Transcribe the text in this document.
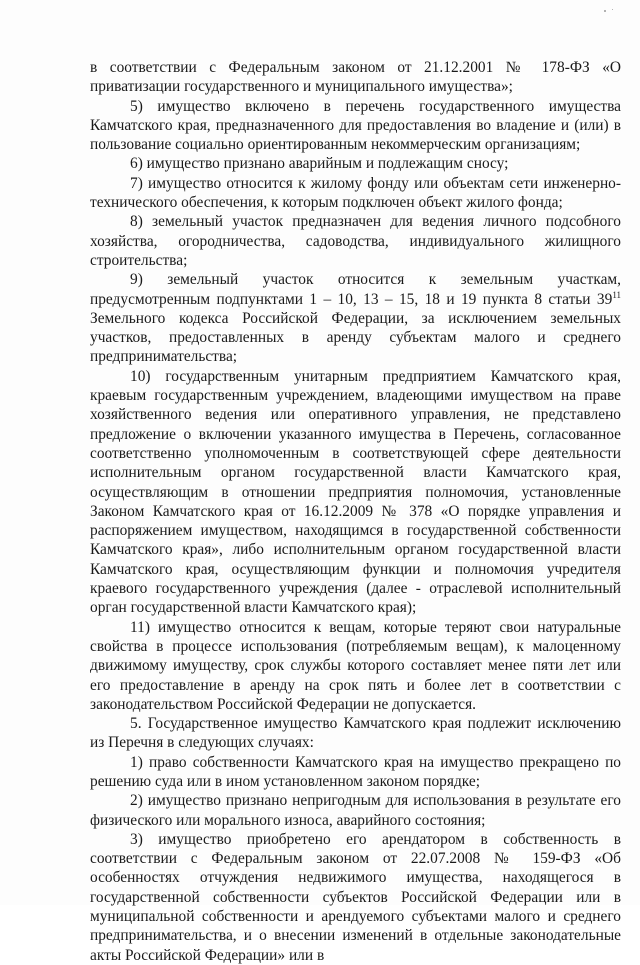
в соответствии с Федеральным законом от 21.12.2001 № 178-ФЗ «О приватизации государственного и муниципального имущества»;

5) имущество включено в перечень государственного имущества Камчатского края, предназначенного для предоставления во владение и (или) в пользование социально ориентированным некоммерческим организациям;

6) имущество признано аварийным и подлежащим сносу;

7) имущество относится к жилому фонду или объектам сети инженерно-технического обеспечения, к которым подключен объект жилого фонда;

8) земельный участок предназначен для ведения личного подсобного хозяйства, огородничества, садоводства, индивидуального жилищного строительства;

9) земельный участок относится к земельным участкам, предусмотренным подпунктами 1 – 10, 13 – 15, 18 и 19 пункта 8 статьи $39^{11}$ Земельного кодекса Российской Федерации, за исключением земельных участков, предоставленных в аренду субъектам малого и среднего предпринимательства;

10) государственным унитарным предприятием Камчатского края, краевым государственным учреждением, владеющими имуществом на праве хозяйственного ведения или оперативного управления, не представлено предложение о включении указанного имущества в Перечень, согласованное соответственно уполномоченным в соответствующей сфере деятельности исполнительным органом государственной власти Камчатского края, осуществляющим в отношении предприятия полномочия, установленные Законом Камчатского края от 16.12.2009 № 378 «О порядке управления и распоряжением имуществом, находящимся в государственной собственности Камчатского края», либо исполнительным органом государственной власти Камчатского края, осуществляющим функции и полномочия учредителя краевого государственного учреждения (далее - отраслевой исполнительный орган государственной власти Камчатского края);

11) имущество относится к вещам, которые теряют свои натуральные свойства в процессе использования (потребляемым вещам), к малоценному движимому имуществу, срок службы которого составляет менее пяти лет или его предоставление в аренду на срок пять и более лет в соответствии с законодательством Российской Федерации не допускается.

5. Государственное имущество Камчатского края подлежит исключению из Перечня в следующих случаях:

1) право собственности Камчатского края на имущество прекращено по решению суда или в ином установленном законом порядке;

2) имущество признано непригодным для использования в результате его физического или морального износа, аварийного состояния;

3) имущество приобретено его арендатором в собственность в соответствии с Федеральным законом от 22.07.2008 № 159-ФЗ «Об особенностях отчуждения недвижимого имущества, находящегося в государственной собственности субъектов Российской Федерации или в муниципальной собственности и арендуемого субъектами малого и среднего предпринимательства, и о внесении изменений в отдельные законодательные акты Российской Федерации» или в
